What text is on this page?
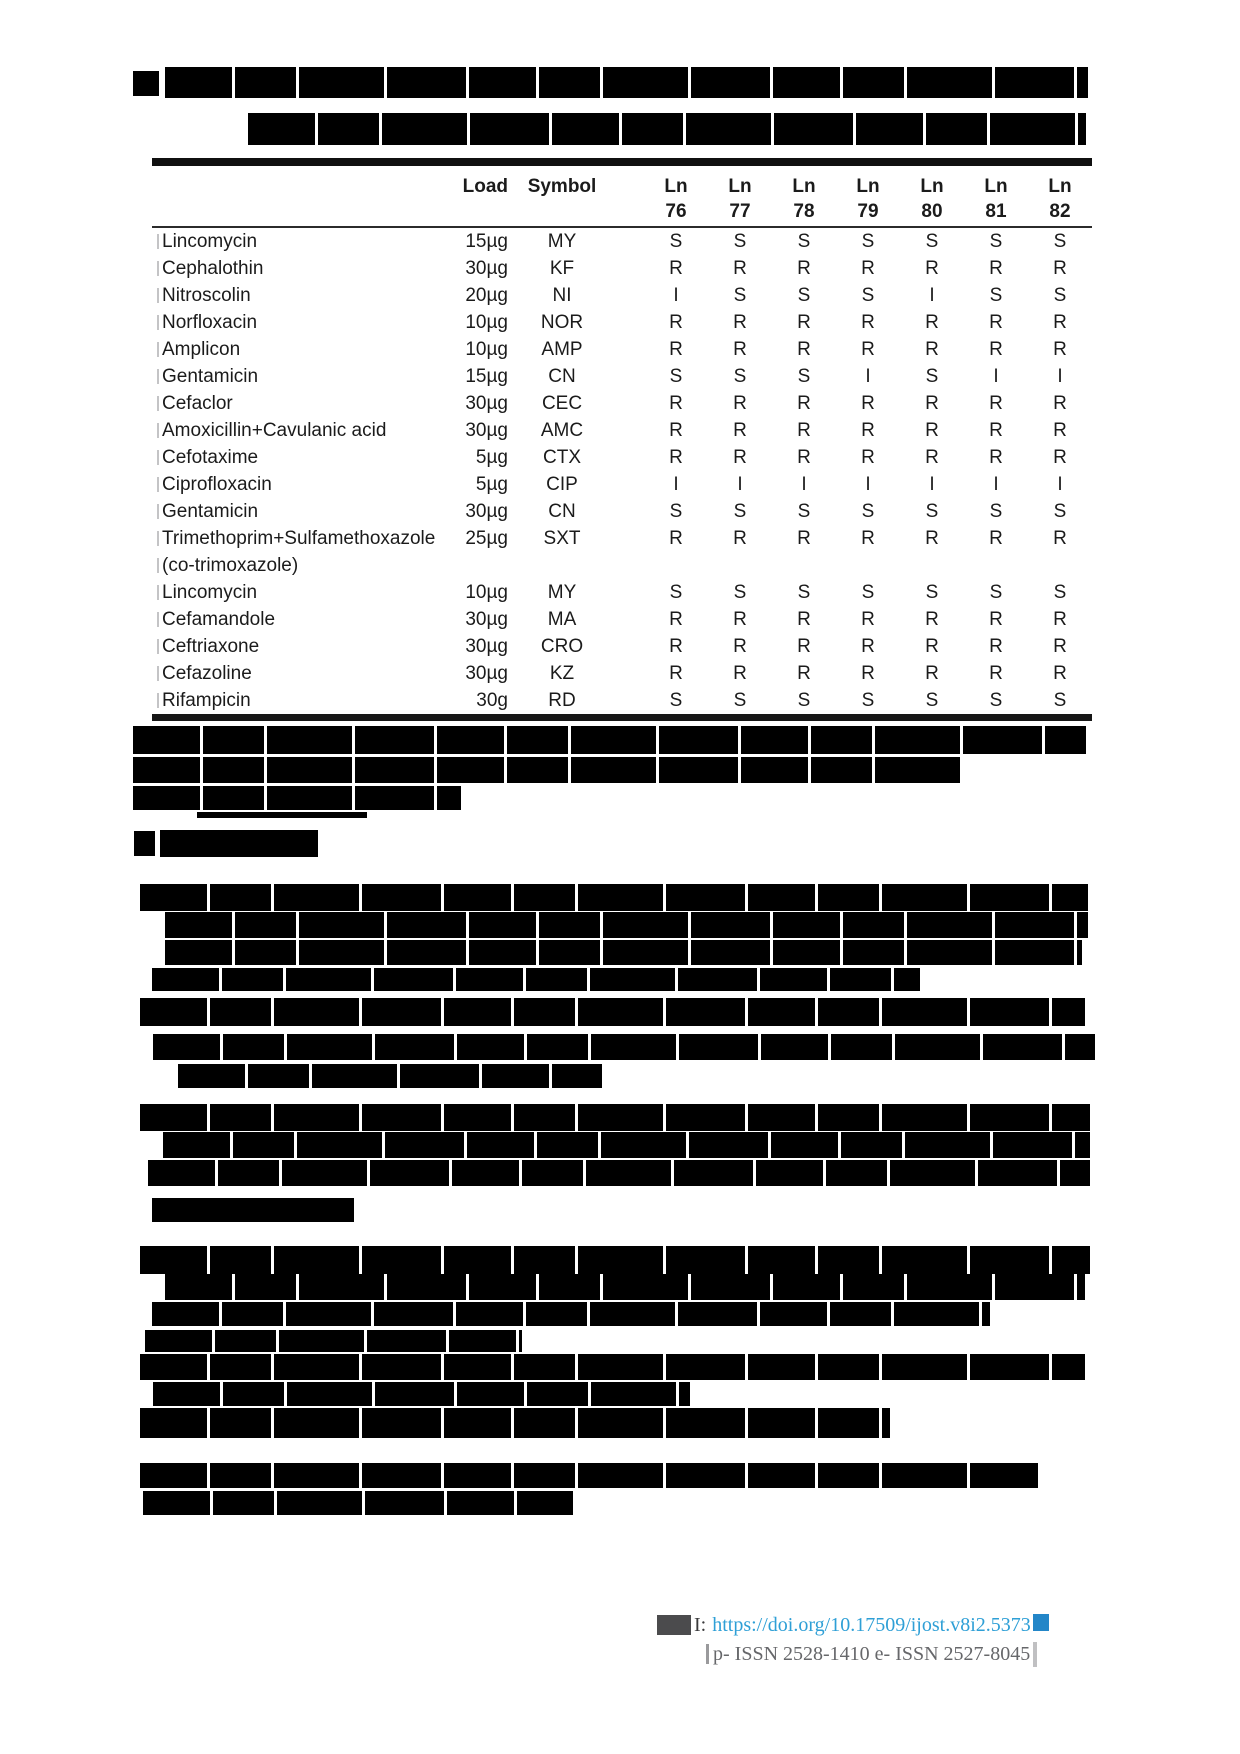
	Load	Symbol		Ln	Ln	Ln	Ln	Ln	Ln	Ln
				76	77	78	79	80	81	82
Lincomycin	15µg	MY		S	S	S	S	S	S	S
Cephalothin	30µg	KF		R	R	R	R	R	R	R
Nitroscolin	20µg	NI		I	S	S	S	I	S	S
Norfloxacin	10µg	NOR		R	R	R	R	R	R	R
Amplicon	10µg	AMP		R	R	R	R	R	R	R
Gentamicin	15µg	CN		S	S	S	I	S	I	I
Cefaclor	30µg	CEC		R	R	R	R	R	R	R
Amoxicillin+Cavulanic acid	30µg	AMC		R	R	R	R	R	R	R
Cefotaxime	5µg	CTX		R	R	R	R	R	R	R
Ciprofloxacin	5µg	CIP		I	I	I	I	I	I	I
Gentamicin	30µg	CN		S	S	S	S	S	S	S
Trimethoprim+Sulfamethoxazole	25µg	SXT		R	R	R	R	R	R	R
(co-trimoxazole)										
Lincomycin	10µg	MY		S	S	S	S	S	S	S
Cefamandole	30µg	MA		R	R	R	R	R	R	R
Ceftriaxone	30µg	CRO		R	R	R	R	R	R	R
Cefazoline	30µg	KZ		R	R	R	R	R	R	R
Rifampicin	30g	RD		S	S	S	S	S	S	S
I: https://doi.org/10.17509/ijost.v8i2.5373
p- ISSN 2528-1410 e- ISSN 2527-8045
